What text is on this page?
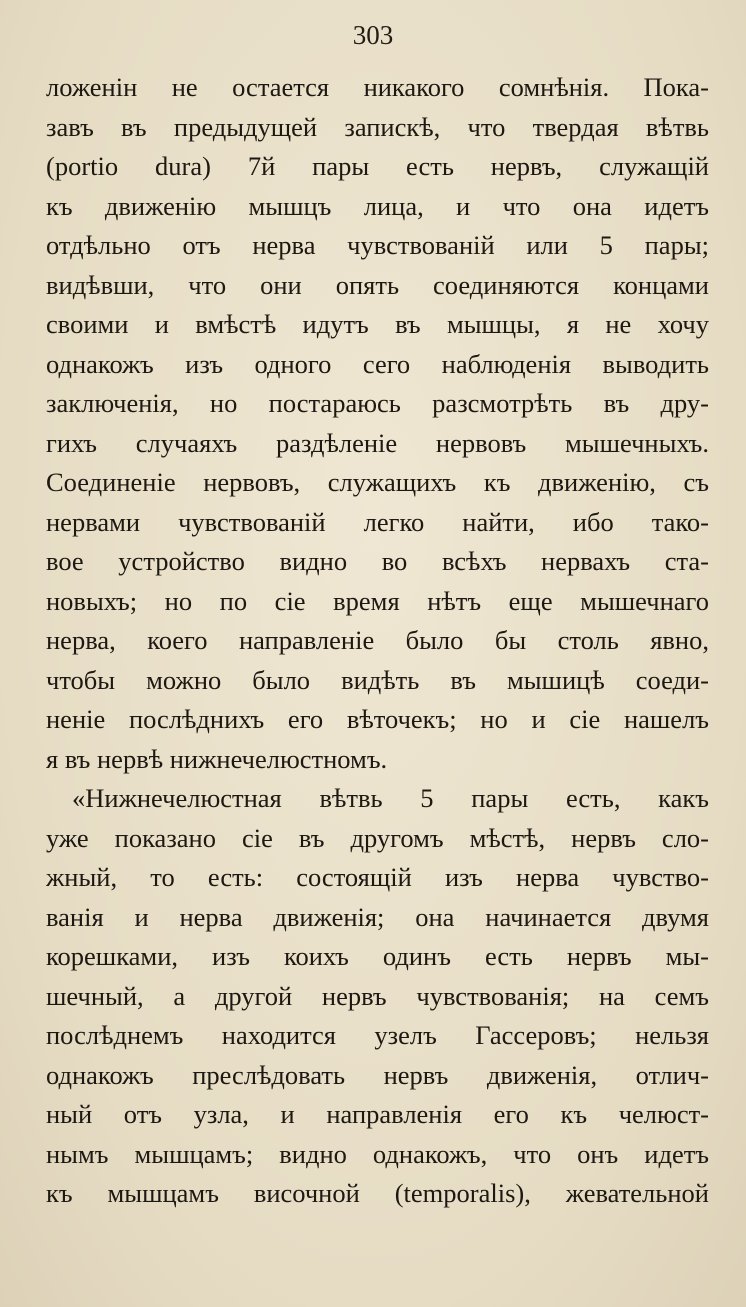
303
ложенін не остается никакого сомнѣнія. Пока-
завъ въ предыдущей запискѣ, что твердая вѣтвь
(portio dura) 7й пары есть нервъ, служащій
къ движенію мышцъ лица, и что она идетъ
отдѣльно отъ нерва чувствованій или 5 пары;
видѣвши, что они опять соединяются концами
своими и вмѣстѣ идутъ въ мышцы, я не хочу
однакожъ изъ одного сего наблюденія выводить
заключенія, но постараюсь разсмотрѣть въ дру-
гихъ случаяхъ раздѣленіе нервовъ мышечныхъ.
Соединеніе нервовъ, служащихъ къ движенію, съ
нервами чувствованій легко найти, ибо тако-
вое устройство видно во всѣхъ нервахъ ста-
новыхъ; но по сіе время нѣтъ еще мышечнаго
нерва, коего направленіе было бы столь явно,
чтобы можно было видѣть въ мышицѣ соеди-
неніе послѣднихъ его вѣточекъ; но и сіе нашелъ
я въ нервѣ нижнечелюстномъ.
«Нижнечелюстная вѣтвь 5 пары есть, какъ
уже показано сіе въ другомъ мѣстѣ, нервъ сло-
жный, то есть: состоящій изъ нерва чувство-
ванія и нерва движенія; она начинается двумя
корешками, изъ коихъ одинъ есть нервъ мы-
шечный, а другой нервъ чувствованія; на семъ
послѣднемъ находится узелъ Гассеровъ; нельзя
однакожъ преслѣдовать нервъ движенія, отлич-
ный отъ узла, и направленія его къ челюст-
нымъ мышцамъ; видно однакожъ, что онъ идетъ
къ мышцамъ височной (temporalis), жевательной
